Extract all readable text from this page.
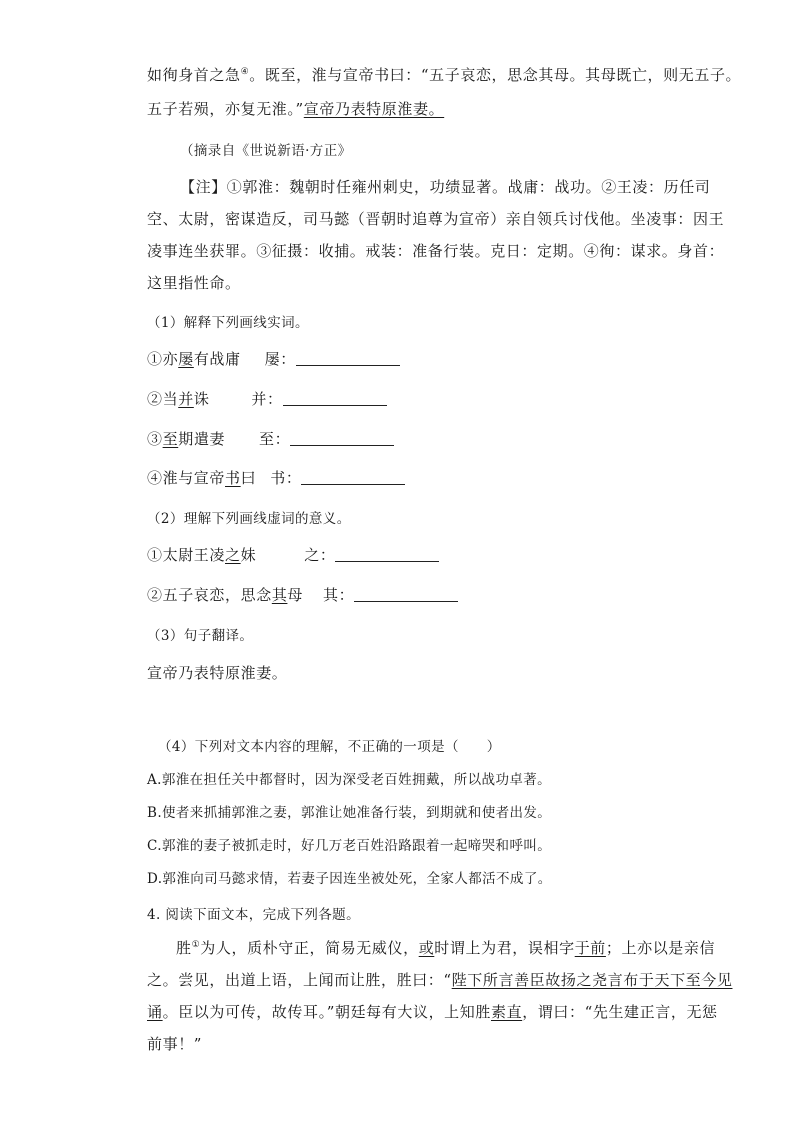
如徇身首之急④。既至，淮与宣帝书曰：“五子哀恋，思念其母。其母既亡，则无五子。
五子若殒，亦复无淮。”宣帝乃表特原淮妻。
（摘录自《世说新语·方正》
【注】①郭淮：魏朝时任雍州刺史，功绩显著。战庸：战功。②王凌：历任司
空、太尉，密谋造反，司马懿（晋朝时追尊为宣帝）亲自领兵讨伐他。坐凌事：因王
凌事连坐获罪。③征摄：收捕。戒装：准备行装。克日：定期。④徇：谋求。身首：
这里指性命。
（1）解释下列画线实词。
①亦屡有战庸 屡：
②当并诛	并：
③至期遣妻 至：
④淮与宣帝书曰 书：
（2）理解下列画线虚词的意义。
①太尉王凌之妹	之：
②五子哀恋，思念其母 其：
（3）句子翻译。
宣帝乃表特原淮妻。
（4）下列对文本内容的理解，不正确的一项是（　　）
A.郭淮在担任关中都督时，因为深受老百姓拥戴，所以战功卓著。
B.使者来抓捕郭淮之妻，郭淮让她准备行装，到期就和使者出发。
C.郭淮的妻子被抓走时，好几万老百姓沿路跟着一起啼哭和呼叫。
D.郭淮向司马懿求情，若妻子因连坐被处死，全家人都活不成了。
4. 阅读下面文本，完成下列各题。
胜①为人，质朴守正，简易无威仪，或时谓上为君，误相字于前；上亦以是亲信
之。尝见，出道上语，上闻而让胜，胜曰：“陛下所言善臣故扬之尧言布于天下至今见
诵。臣以为可传，故传耳。”朝廷每有大议，上知胜素直，谓曰：“先生建正言，无惩
前事！”
